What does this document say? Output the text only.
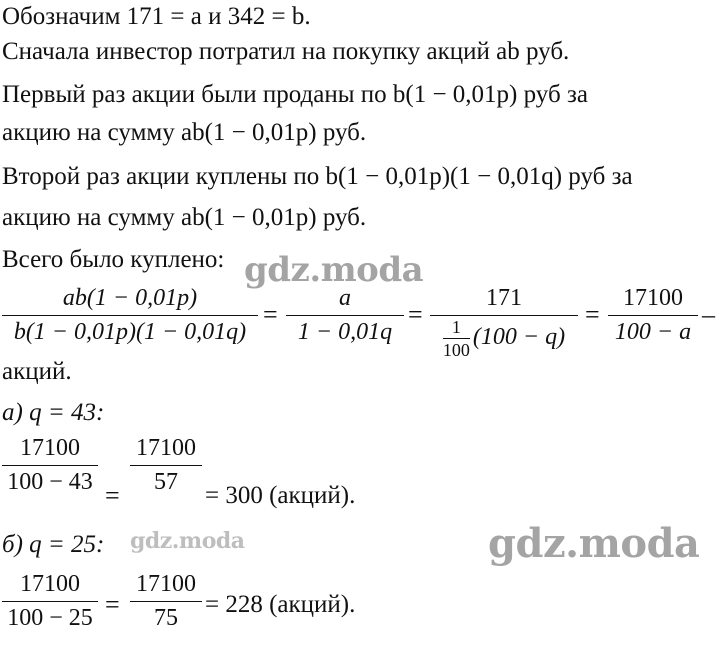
Обозначим 171 = a и 342 = b.
Сначала инвестор потратил на покупку акций ab руб.
Первый раз акции были проданы по b(1 − 0,01p) руб за
акцию на сумму ab(1 − 0,01p) руб.
Второй раз акции куплены по b(1 − 0,01p)(1 − 0,01q) руб за
акцию на сумму ab(1 − 0,01p) руб.
Всего было куплено:
ab(1 − 0,01p)
b(1 − 0,01p)(1 − 0,01q)
=
a
1 − 0,01q
=
171
$\frac{1}{100} (100 - q)$
=
17100
100 − a
–
акций.
а) q = 43:
17100
100 − 43 =
17100
57 = 300 (акций).
б) q = 25:
17100
100 − 25 =
17100
75 = 228 (акций).
gdz.moda
gdz.moda
gdz.moda
